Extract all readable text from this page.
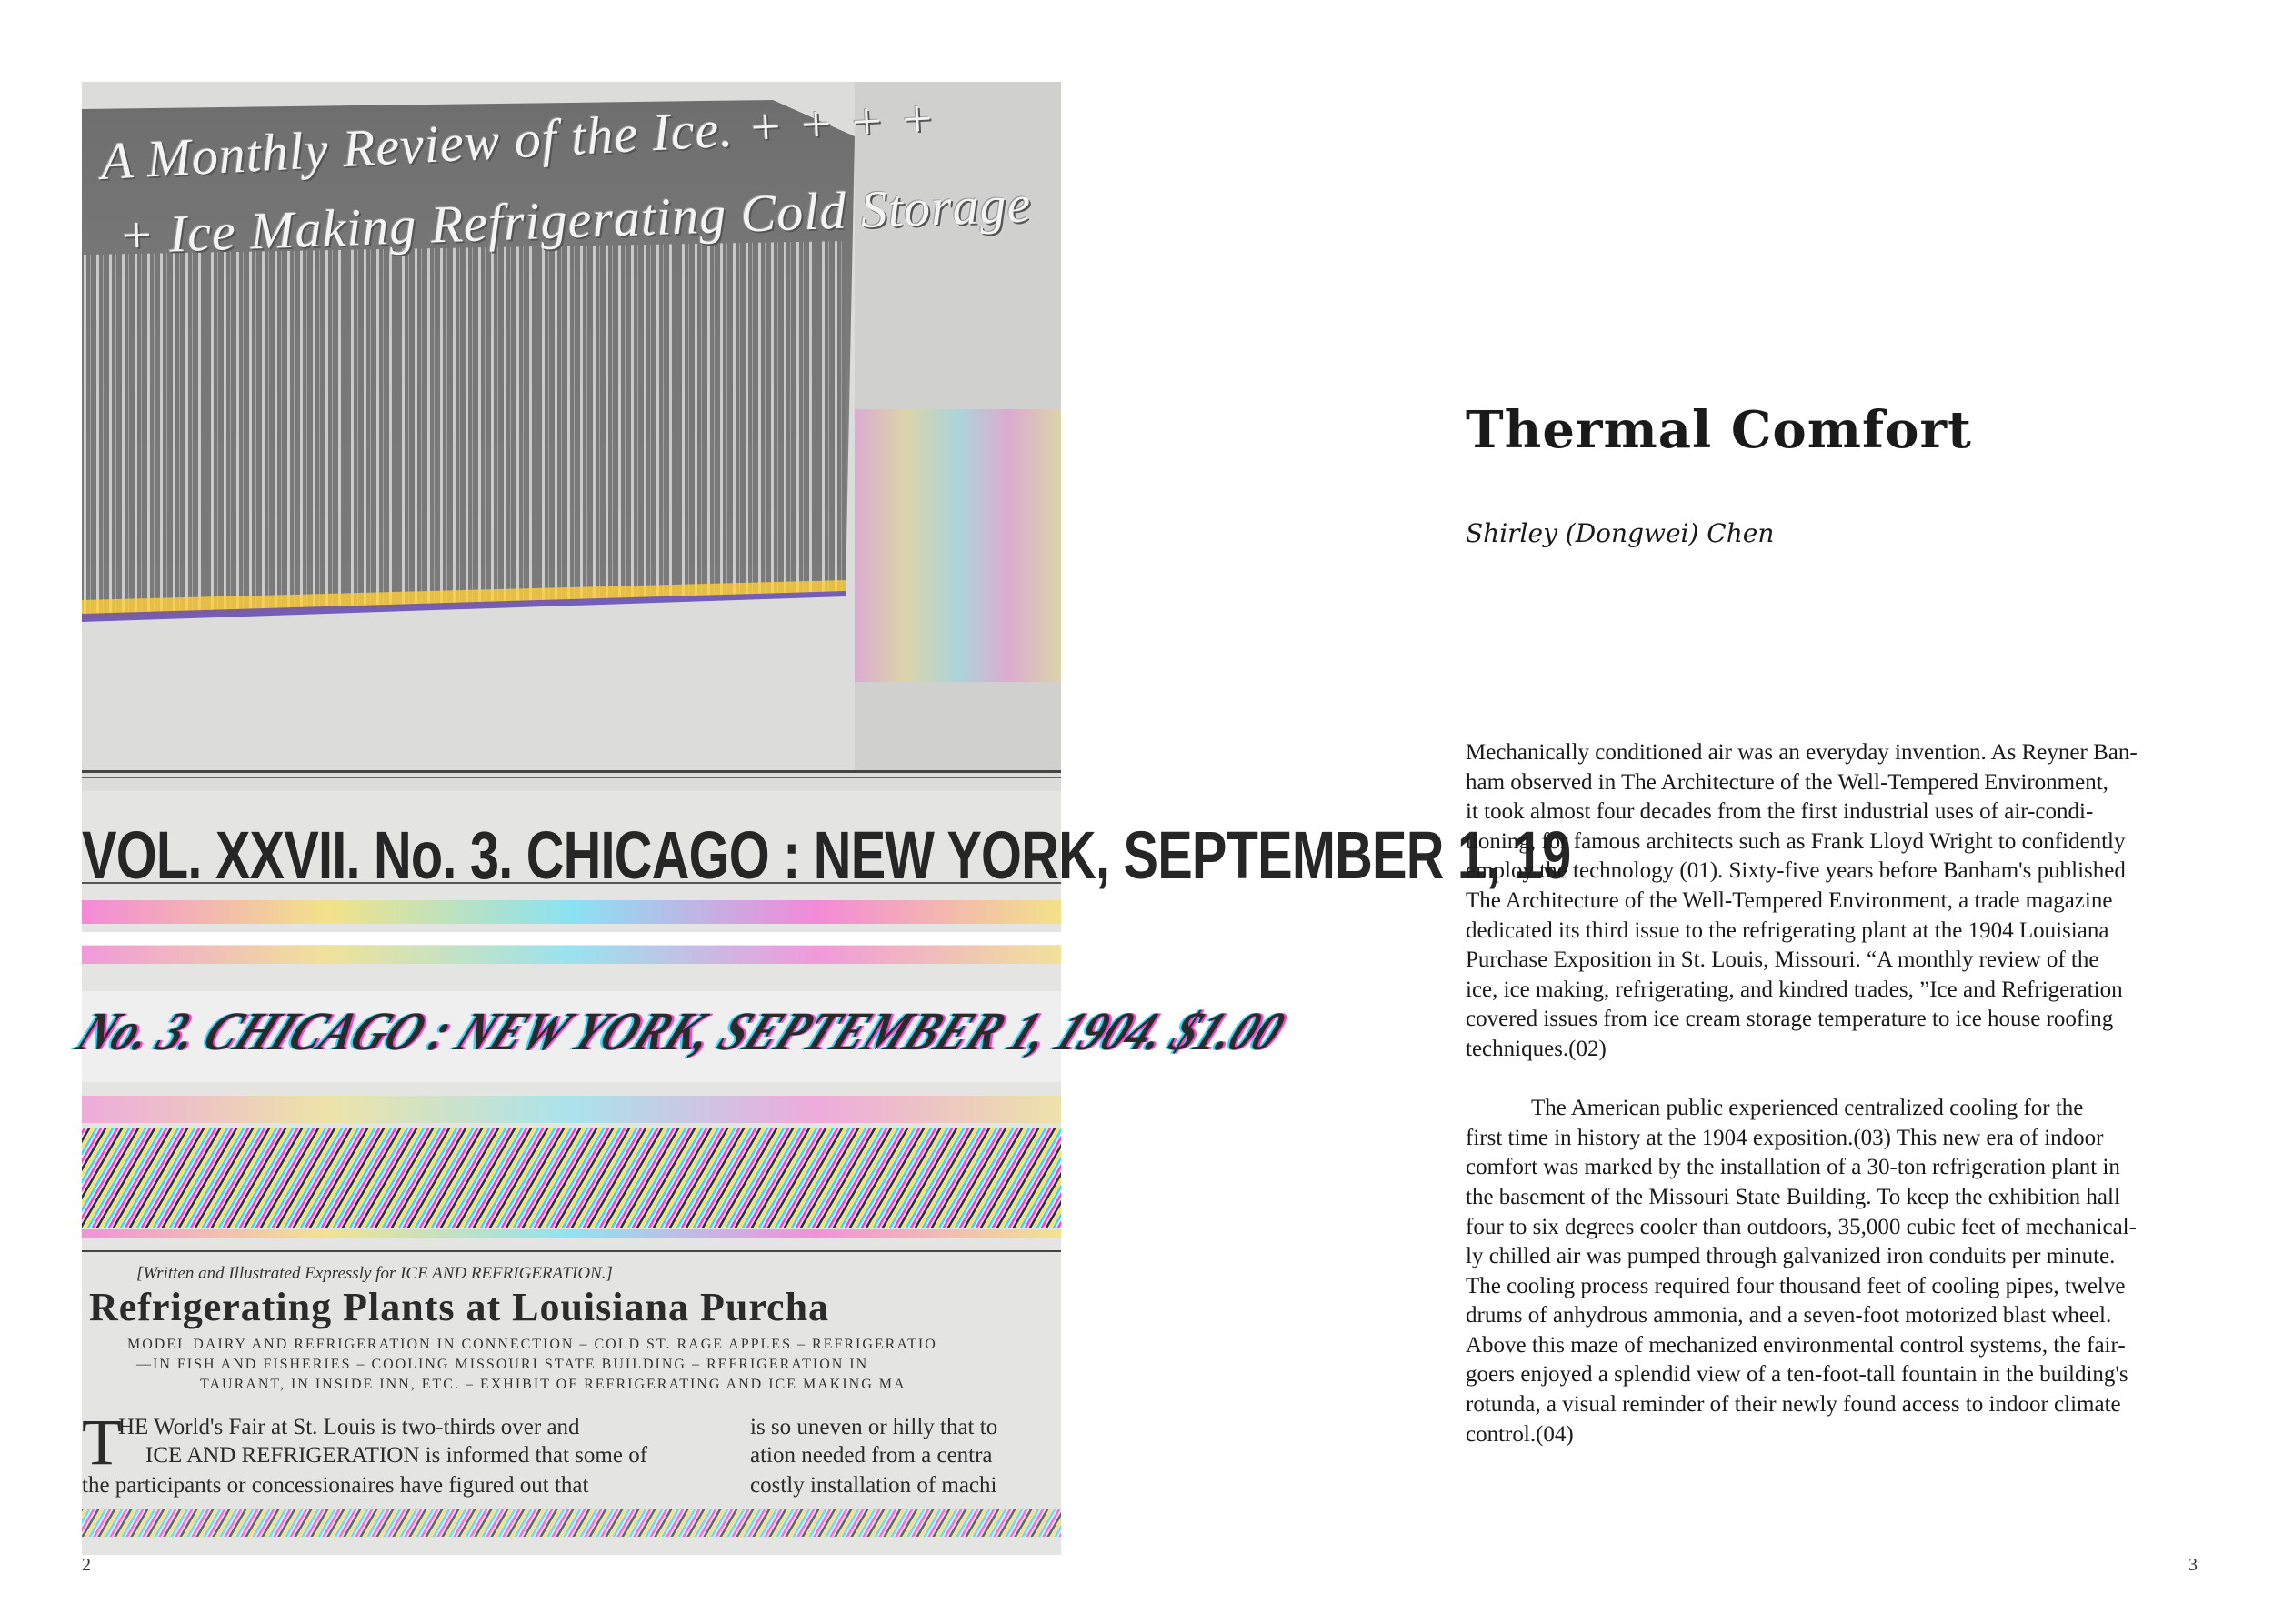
A Monthly Review of the Ice. + + + +
+ Ice Making Refrigerating Cold Storage
VOL. XXVII. No. 3. CHICAGO : NEW YORK, SEPTEMBER 1, 19
No. 3. CHICAGO : NEW YORK, SEPTEMBER 1, 1904. $1.00
[Written and Illustrated Expressly for ICE AND REFRIGERATION.]
Refrigerating Plants at Louisiana Purcha
MODEL DAIRY AND REFRIGERATION IN CONNECTION – COLD ST. RAGE APPLES – REFRIGERATIO
—IN FISH AND FISHERIES – COOLING MISSOURI STATE BUILDING – REFRIGERATION IN
TAURANT, IN INSIDE INN, ETC. – EXHIBIT OF REFRIGERATING AND ICE MAKING MA
T
HE World's Fair at St. Louis is two-thirds over and
ICE AND REFRIGERATION is informed that some of
the participants or concessionaires have figured out that
is so uneven or hilly that to
ation needed from a centra
costly installation of machi
2
Thermal Comfort

Shirley (Dongwei) Chen

Mechanically conditioned air was an everyday invention. As Reyner Ban-
ham observed in The Architecture of the Well-Tempered Environment,
it took almost four decades from the first industrial uses of air-condi-
tioning, for famous architects such as Frank Lloyd Wright to confidently
employ the technology (01). Sixty-five years before Banham's published
The Architecture of the Well-Tempered Environment, a trade magazine
dedicated its third issue to the refrigerating plant at the 1904 Louisiana
Purchase Exposition in St. Louis, Missouri. “A monthly review of the
ice, ice making, refrigerating, and kindred trades, ”Ice and Refrigeration
covered issues from ice cream storage temperature to ice house roofing
techniques.(02)
The American public experienced centralized cooling for the
first time in history at the 1904 exposition.(03) This new era of indoor
comfort was marked by the installation of a 30-ton refrigeration plant in
the basement of the Missouri State Building. To keep the exhibition hall
four to six degrees cooler than outdoors, 35,000 cubic feet of mechanical-
ly chilled air was pumped through galvanized iron conduits per minute.
The cooling process required four thousand feet of cooling pipes, twelve
drums of anhydrous ammonia, and a seven-foot motorized blast wheel.
Above this maze of mechanized environmental control systems, the fair-
goers enjoyed a splendid view of a ten-foot-tall fountain in the building's
rotunda, a visual reminder of their newly found access to indoor climate
control.(04)
3
